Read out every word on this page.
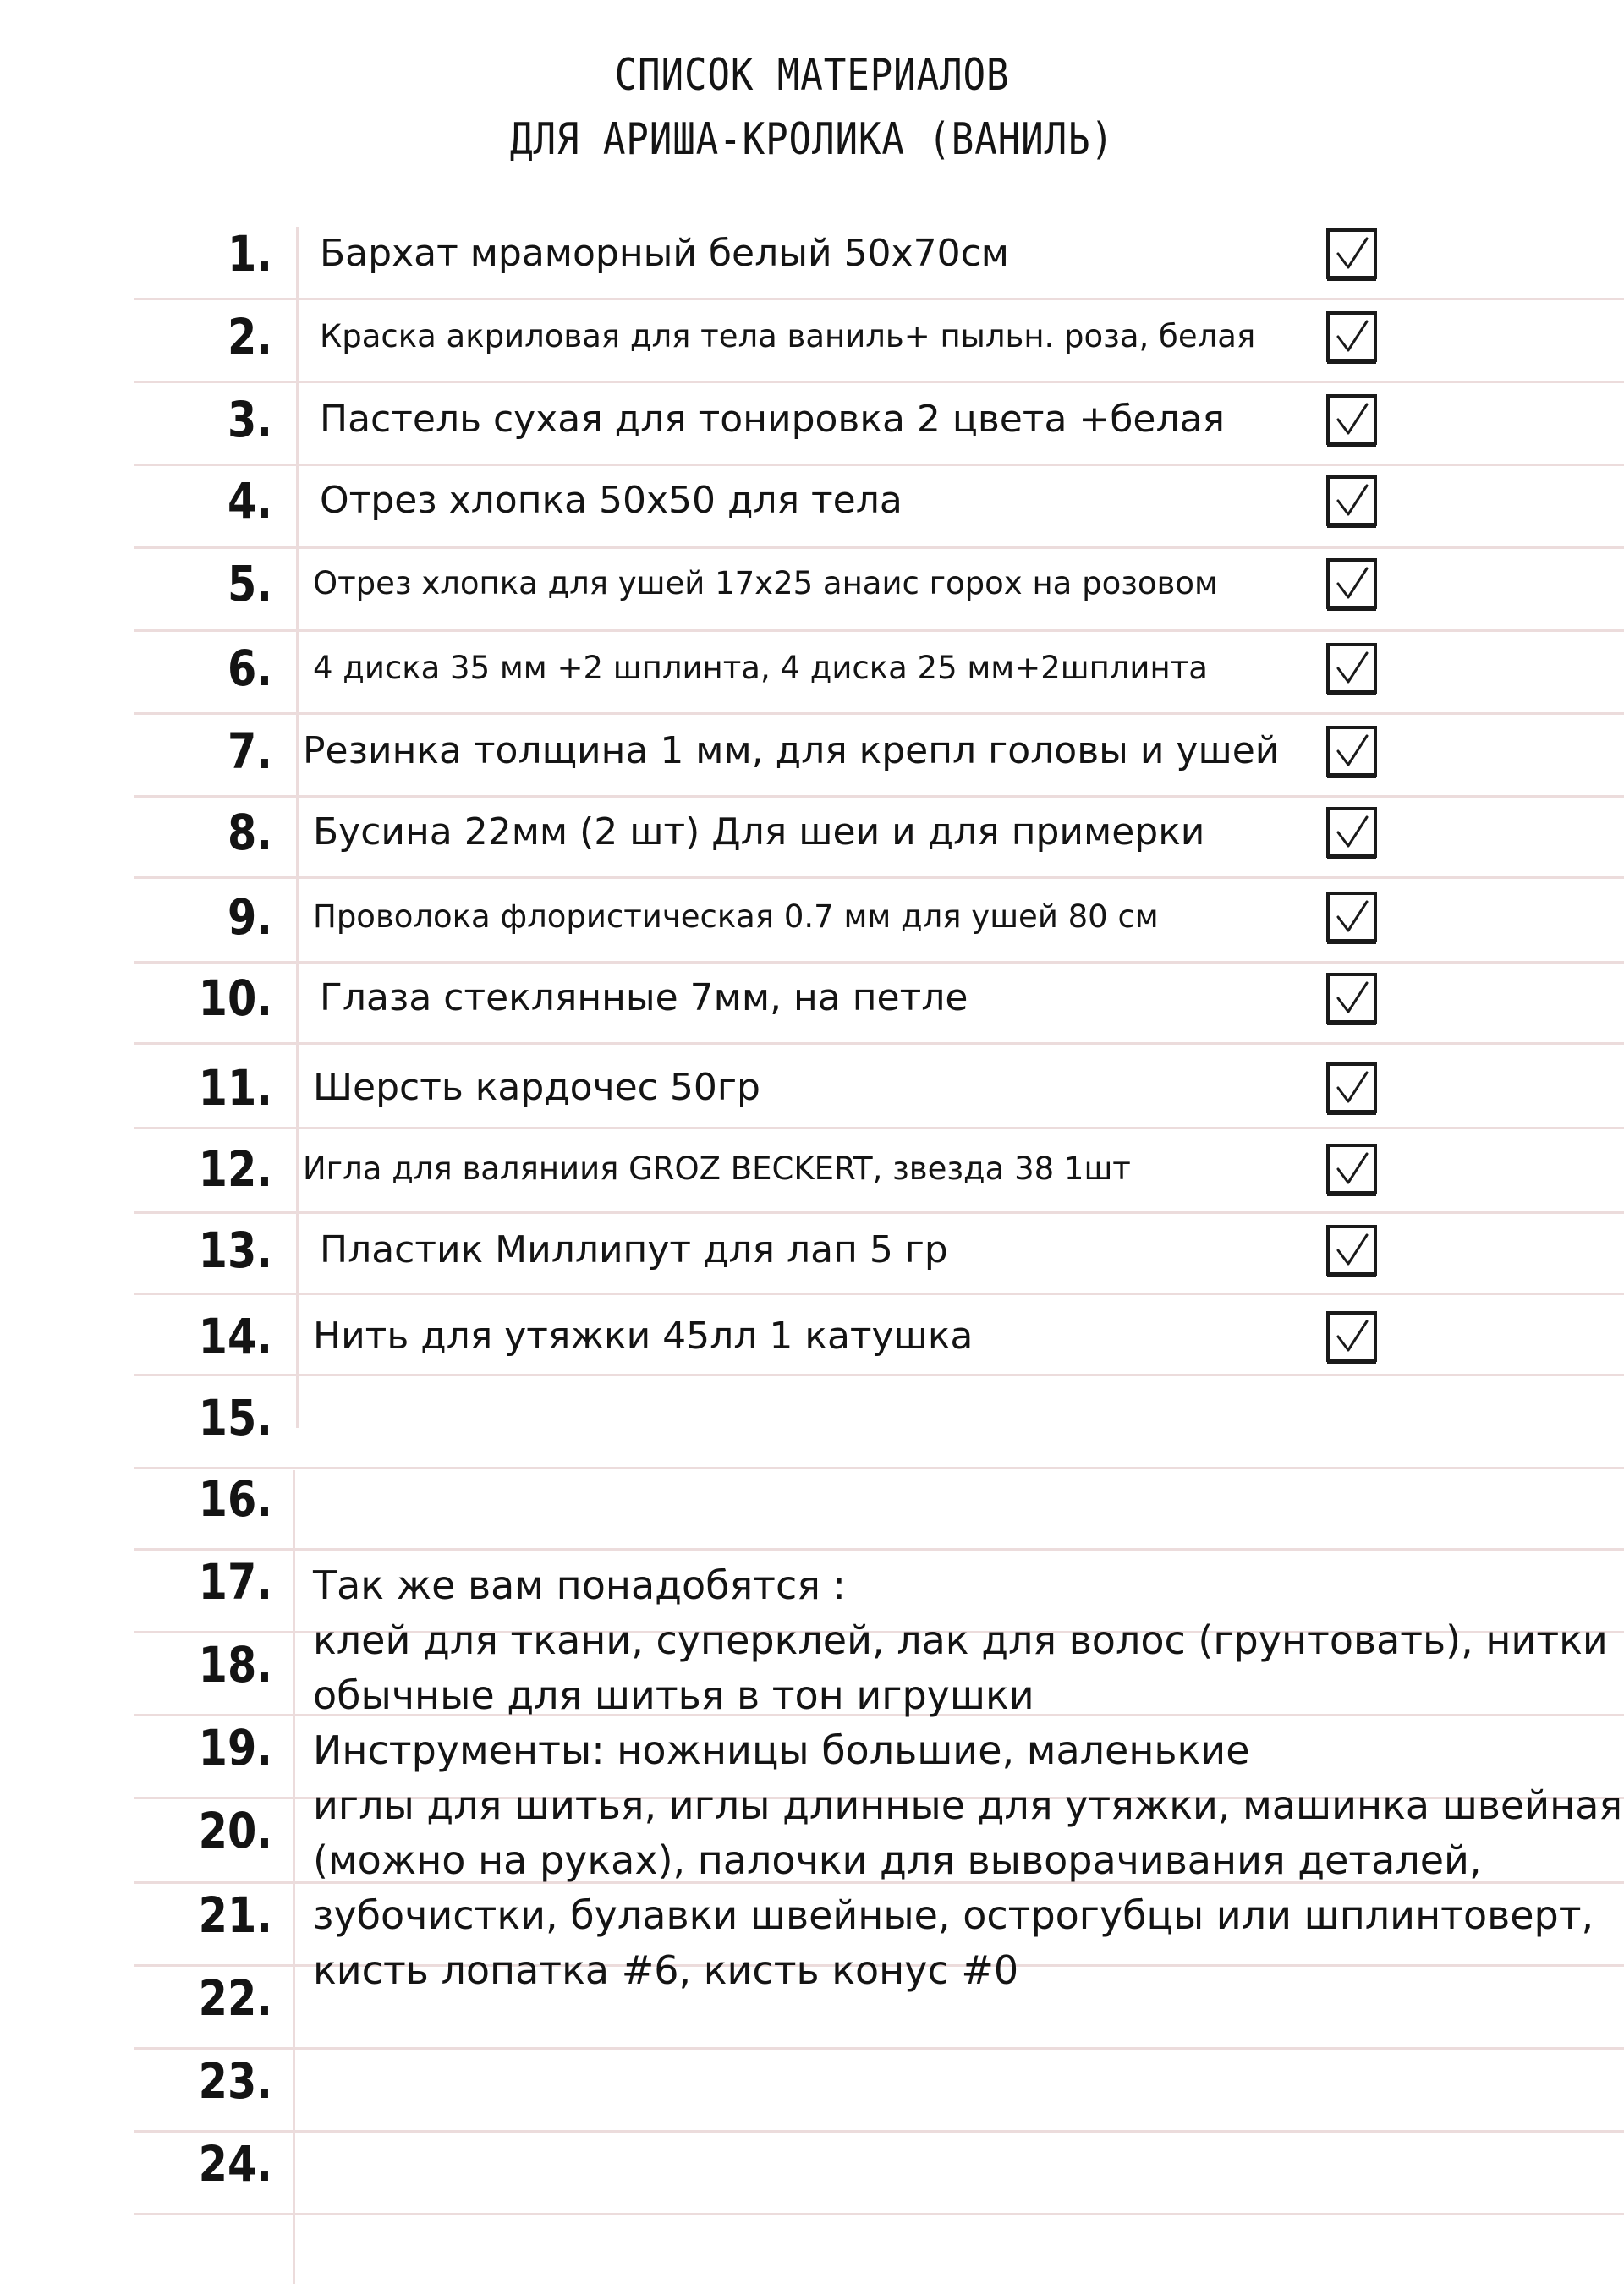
СПИСОК МАТЕРИАЛОВ
ДЛЯ АРИША-КРОЛИКА (ВАНИЛЬ)
1. Бархат мраморный белый 50х70см
2. Краска акриловая для тела ваниль+ пыльн. роза, белая
3. Пастель сухая для тонировка 2 цвета +белая
4. Отрез хлопка 50х50 для тела
5. Отрез хлопка для ушей 17х25 анаис горох на розовом
6. 4 диска 35 мм +2 шплинта, 4 диска 25 мм+2шплинта
7. Резинка толщина 1 мм, для крепл головы и ушей
8. Бусина 22мм (2 шт) Для шеи и для примерки
9. Проволока флористическая 0.7 мм для ушей 80 см
10. Глаза стеклянные 7мм, на петле
11. Шерсть кардочес 50гр
12. Игла для валяниия GROZ BECKERT, звезда 38 1шт
13. Пластик Миллипут для лап 5 гр
14. Нить для утяжки 45лл 1 катушка
15.
16.
17.
18.
19.
20.
21.
22.
23.
24.
Так же вам понадобятся :
клей для ткани, суперклей, лак для волос (грунтовать), нитки
обычные для шитья в тон игрушки
Инструменты: ножницы большие, маленькие
иглы для шитья, иглы длинные для утяжки, машинка швейная
(можно на руках), палочки для выворачивания деталей,
зубочистки, булавки швейные, острогубцы или шплинтоверт,
кисть лопатка #6, кисть конус #0
